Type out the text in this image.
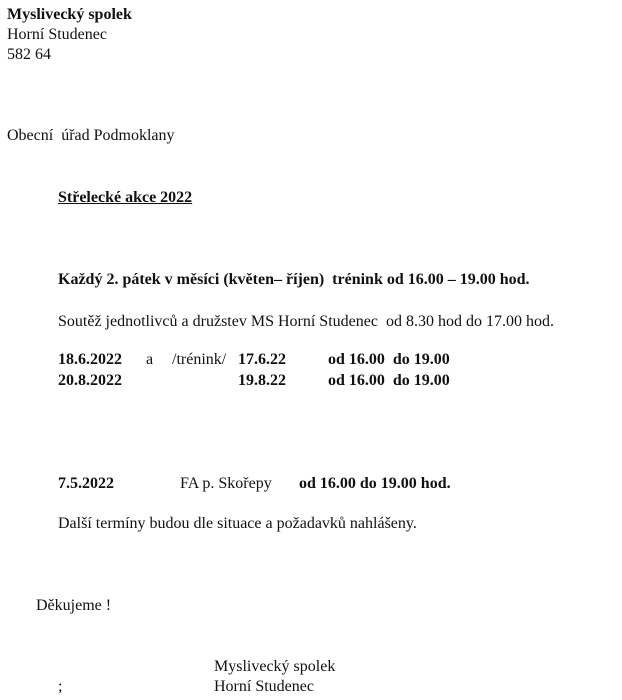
Myslivecký spolek
Horní Studenec
582 64
Obecní  úřad Podmoklany
Střelecké akce 2022
Každý 2. pátek v měsíci (květen– říjen)  trénink od 16.00 – 19.00 hod.
Soutěž jednotlivců a družstev MS Horní Studenec  od 8.30 hod do 17.00 hod.
18.6.2022 a /trénink/ 17.6.22	od 16.00  do 19.00
20.8.2022	19.8.22	od 16.00  do 19.00
7.5.2022	FA p. Skořepy od 16.00 do 19.00 hod.
Další termíny budou dle situace a požadavků nahlášeny.
Děkujeme !
Myslivecký spolek
;	Horní Studenec
